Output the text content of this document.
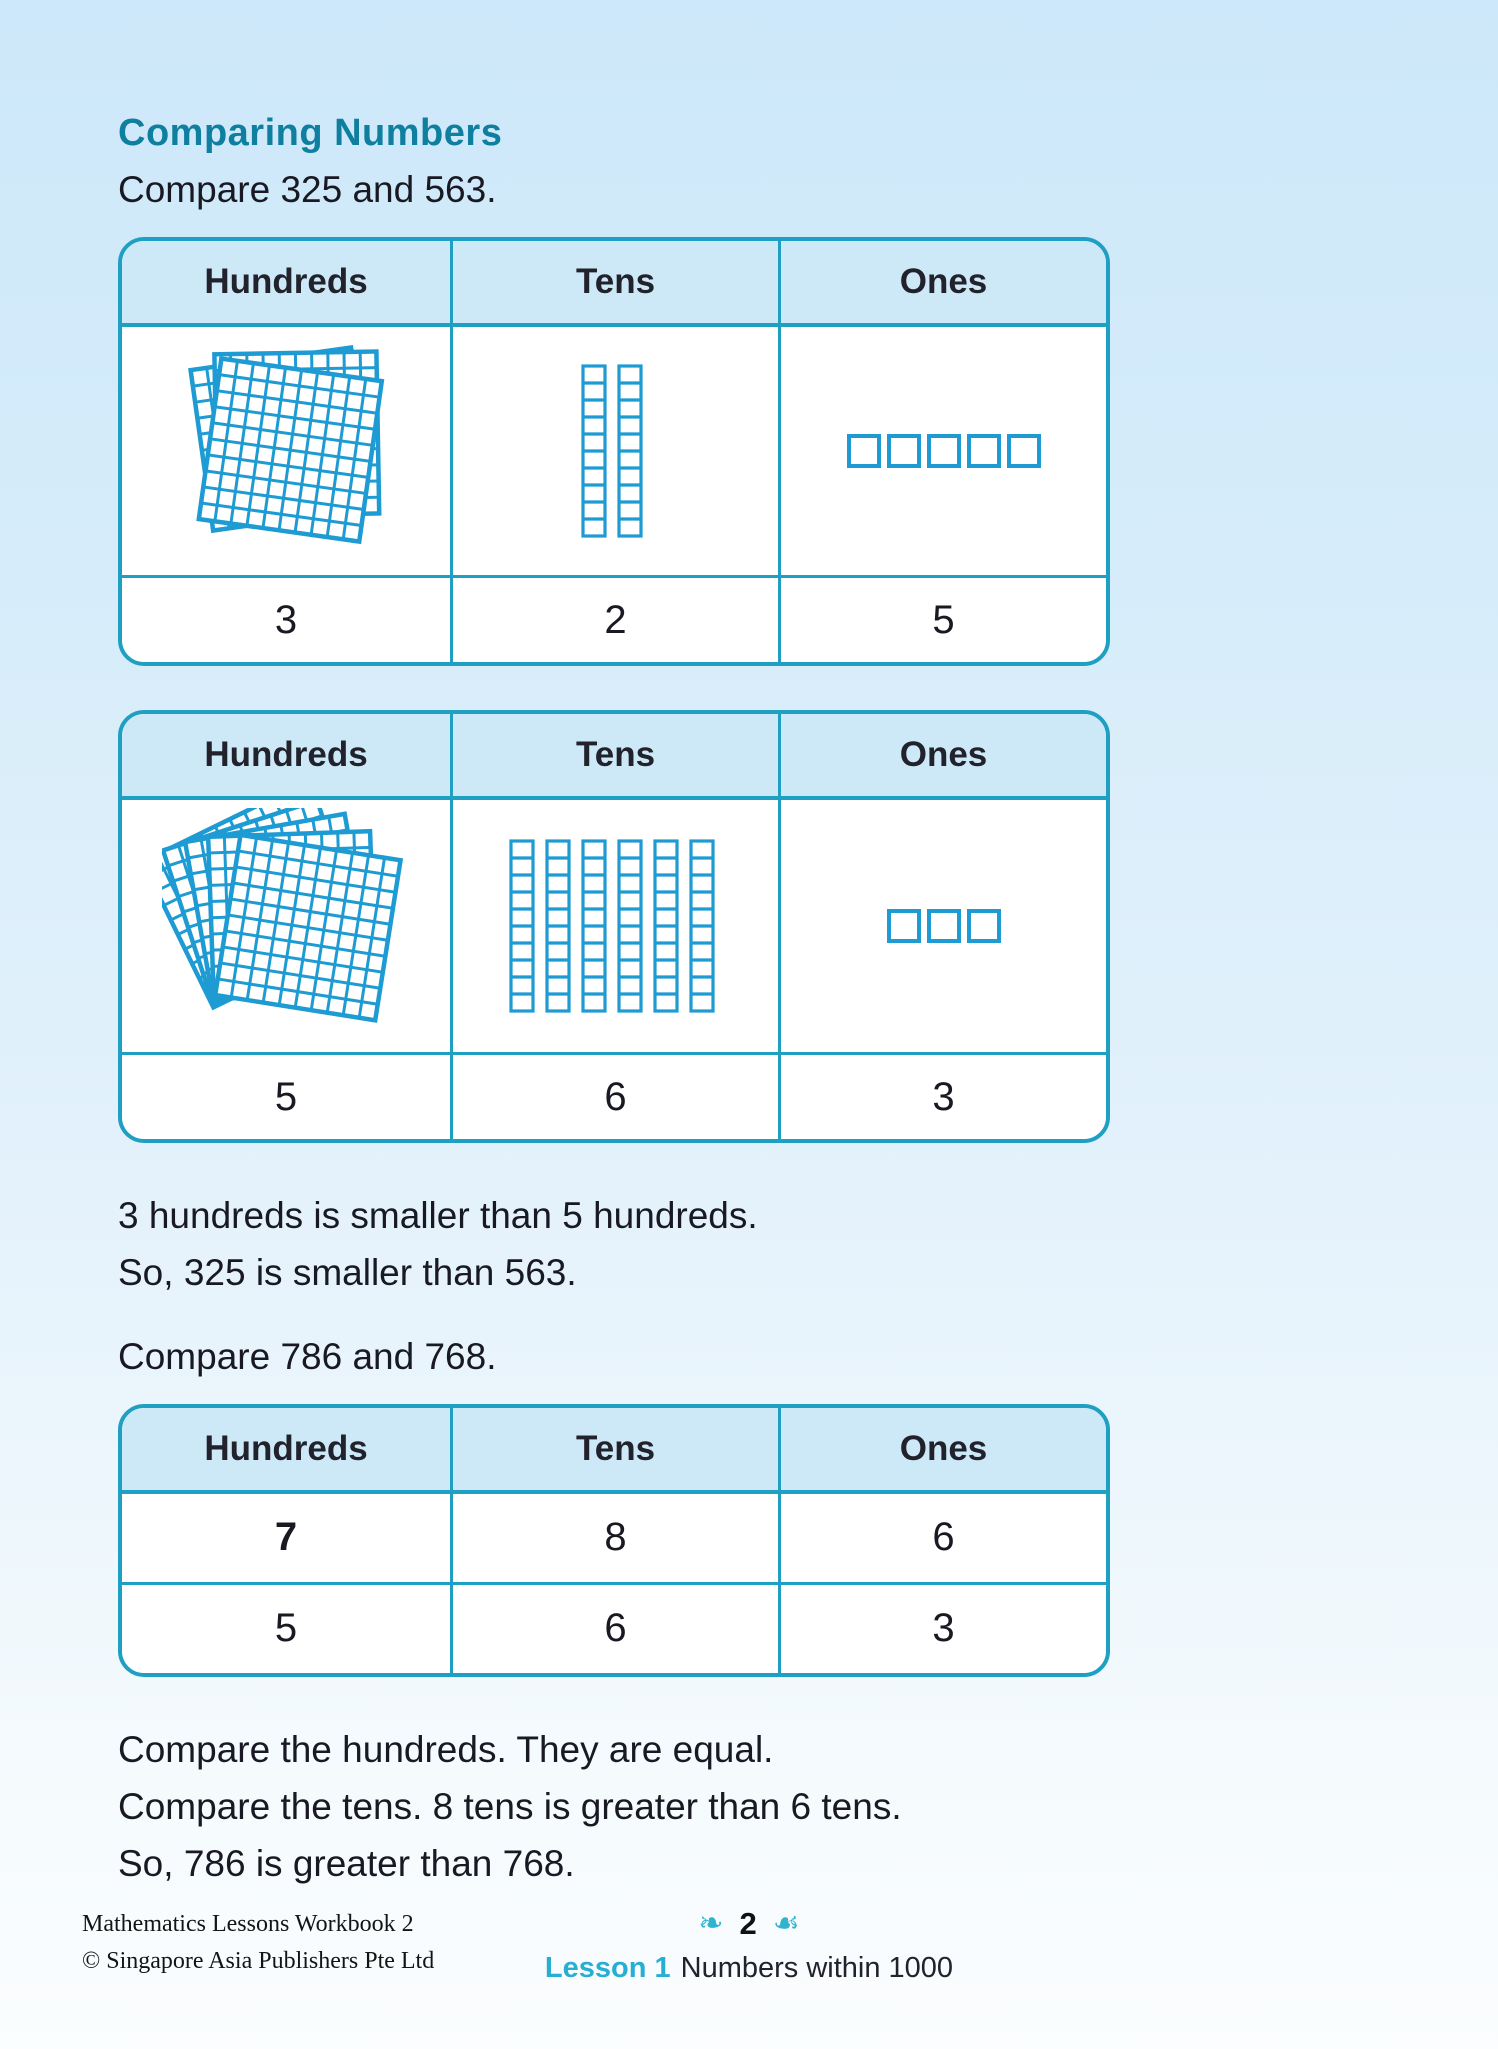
Comparing Numbers

Compare 325 and 563.

Hundreds	Tens	Ones
3	2	5
Hundreds	Tens	Ones
5	6	3

3 hundreds is smaller than 5 hundreds.

So, 325 is smaller than 563.

Compare 786 and 768.

Hundreds	Tens	Ones
7	8	6
5	6	3

Compare the hundreds. They are equal.

Compare the tens. 8 tens is greater than 6 tens.

So, 786 is greater than 768.

Mathematics Lessons Workbook 2
© Singapore Asia Publishers Pte Ltd
❧ 2 ☙
Lesson 1 Numbers within 1000
